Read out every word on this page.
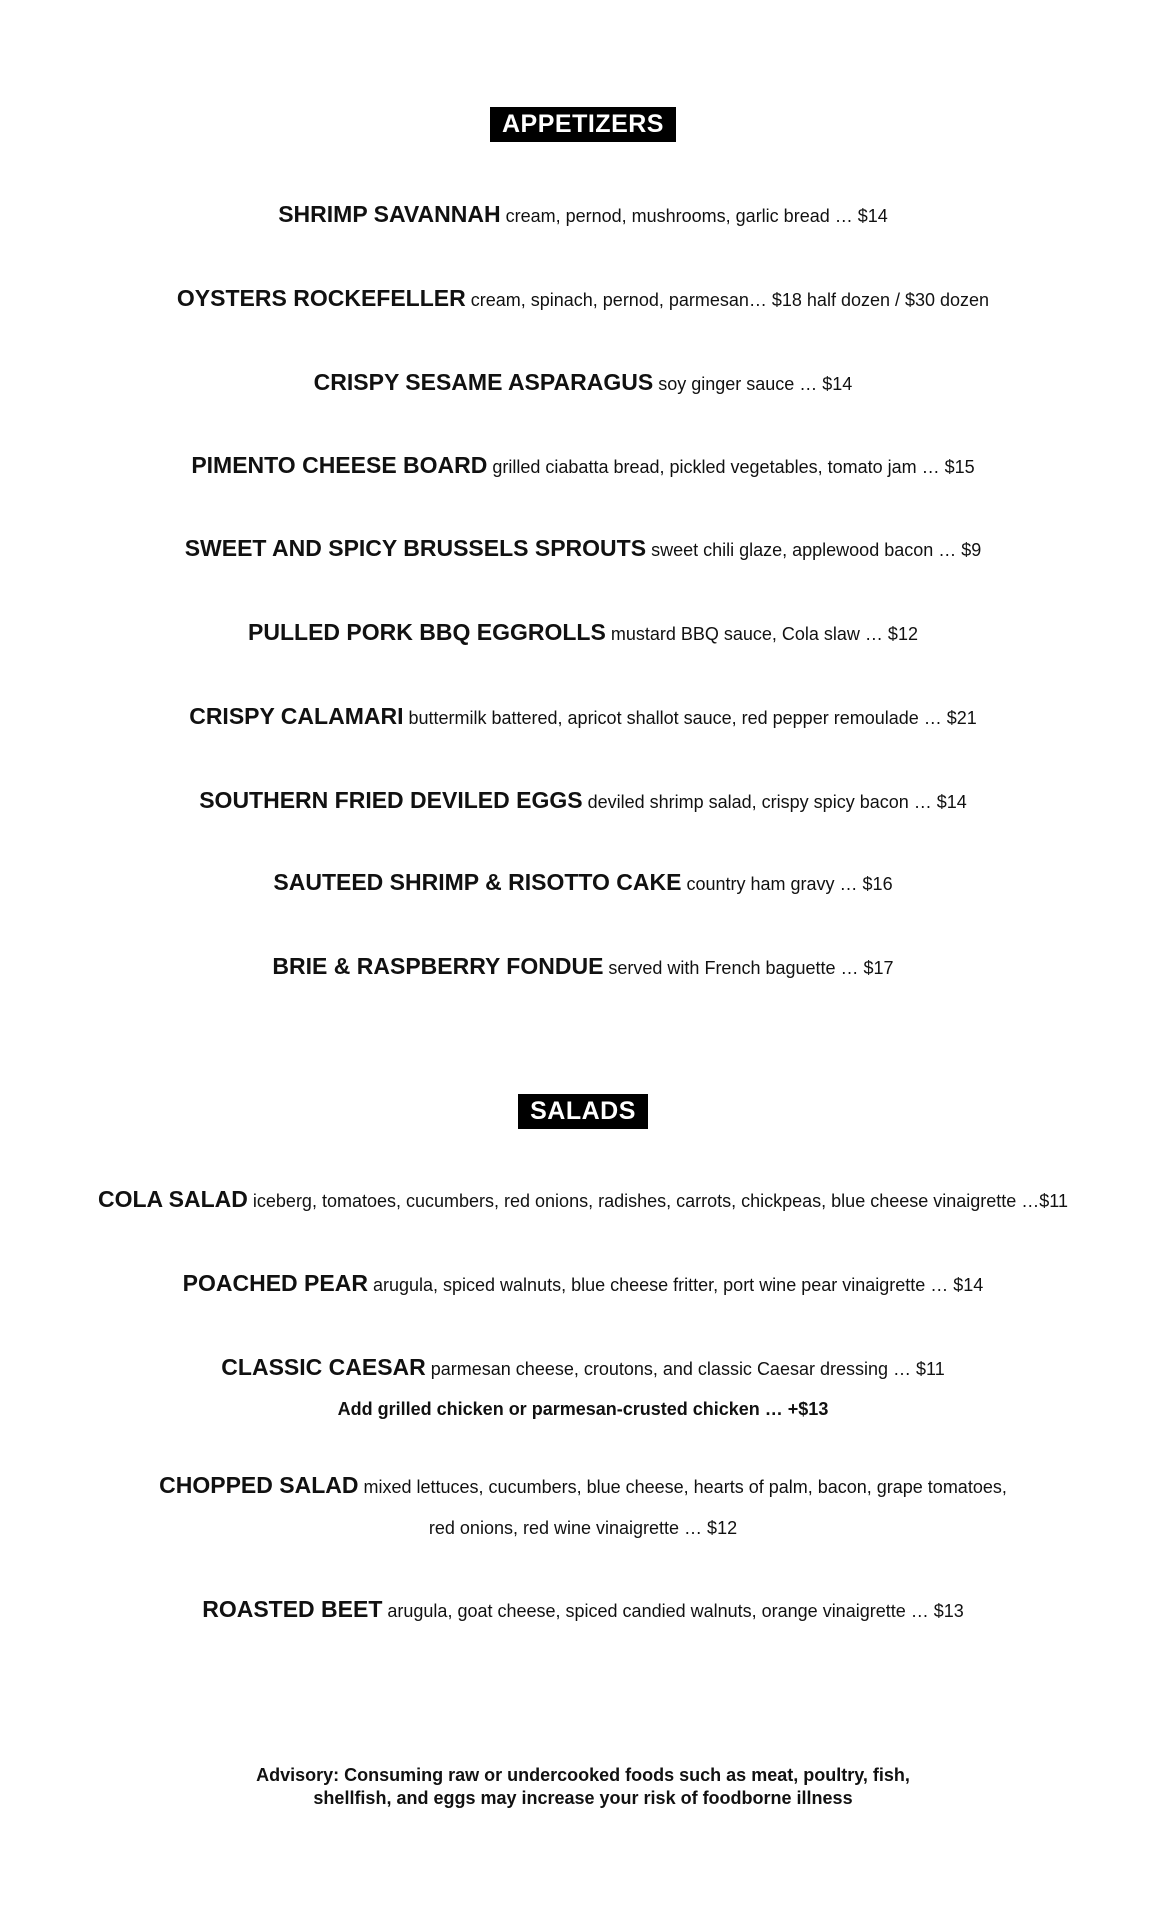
APPETIZERS
SHRIMP SAVANNAH cream, pernod, mushrooms, garlic bread … $14
OYSTERS ROCKEFELLER cream, spinach, pernod, parmesan… $18 half dozen / $30 dozen
CRISPY SESAME ASPARAGUS soy ginger sauce … $14
PIMENTO CHEESE BOARD grilled ciabatta bread, pickled vegetables, tomato jam … $15
SWEET AND SPICY BRUSSELS SPROUTS sweet chili glaze, applewood bacon … $9
PULLED PORK BBQ EGGROLLS mustard BBQ sauce, Cola slaw … $12
CRISPY CALAMARI buttermilk battered, apricot shallot sauce, red pepper remoulade … $21
SOUTHERN FRIED DEVILED EGGS deviled shrimp salad, crispy spicy bacon … $14
SAUTEED SHRIMP & RISOTTO CAKE country ham gravy … $16
BRIE & RASPBERRY FONDUE served with French baguette … $17
SALADS
COLA SALAD iceberg, tomatoes, cucumbers, red onions, radishes, carrots, chickpeas, blue cheese vinaigrette …$11
POACHED PEAR arugula, spiced walnuts, blue cheese fritter, port wine pear vinaigrette … $14
CLASSIC CAESAR parmesan cheese, croutons, and classic Caesar dressing … $11
Add grilled chicken or parmesan-crusted chicken … +$13
CHOPPED SALAD mixed lettuces, cucumbers, blue cheese, hearts of palm, bacon, grape tomatoes,
red onions, red wine vinaigrette … $12
ROASTED BEET arugula, goat cheese, spiced candied walnuts, orange vinaigrette … $13
Advisory: Consuming raw or undercooked foods such as meat, poultry, fish,
shellfish, and eggs may increase your risk of foodborne illness
